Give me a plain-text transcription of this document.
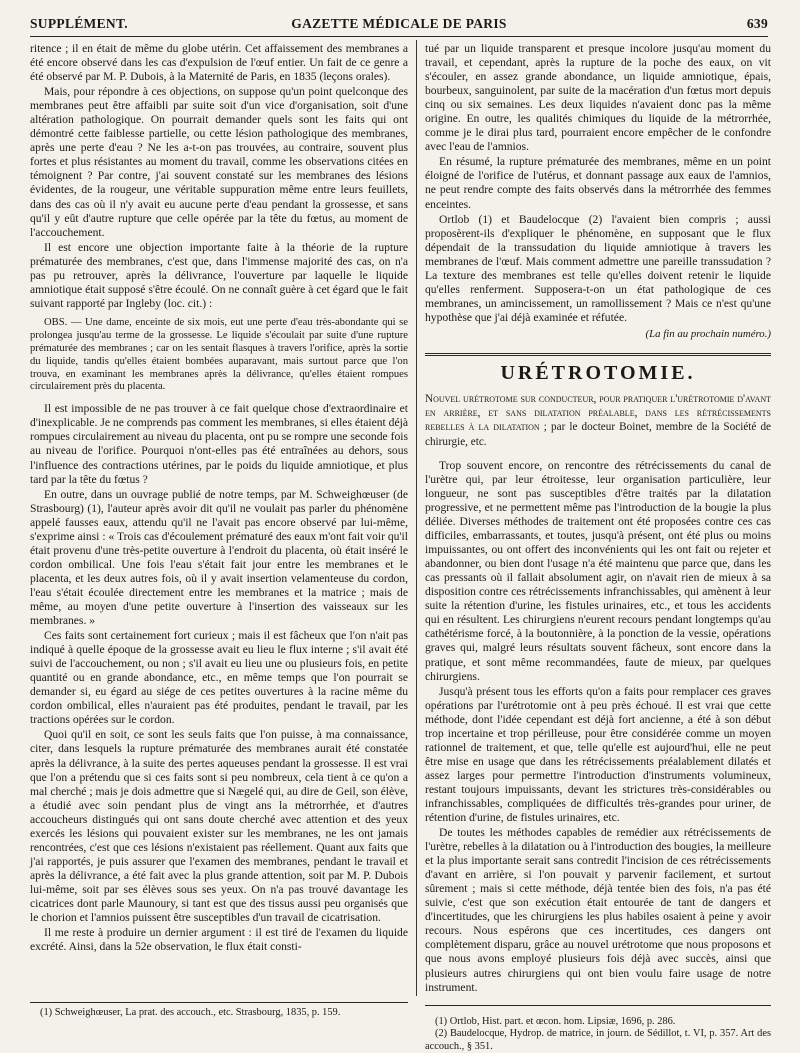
SUPPLÉMENT.	GAZETTE MÉDICALE DE PARIS	639

ritence ; il en était de même du globe utérin. Cet affaissement des membranes a été encore observé dans les cas d'expulsion de l'œuf entier. Un fait de ce genre a été observé par M. P. Dubois, à la Maternité de Paris, en 1835 (leçons orales).

Mais, pour répondre à ces objections, on suppose qu'un point quelconque des membranes peut être affaibli par suite soit d'un vice d'organisation, soit d'une altération pathologique. On pourrait demander quels sont les faits qui ont démontré cette faiblesse partielle, ou cette lésion pathologique des membranes, après une perte d'eau ? Ne les a-t-on pas trouvées, au contraire, souvent plus fortes et plus résistantes au moment du travail, comme les observations citées en témoignent ? Par contre, j'ai souvent constaté sur les membranes des lésions évidentes, de la rougeur, une véritable suppuration même entre leurs feuillets, dans des cas où il n'y avait eu aucune perte d'eau pendant la grossesse, et sans qu'il y eût d'autre rupture que celle opérée par la tête du fœtus, au moment de l'accouchement.

Il est encore une objection importante faite à la théorie de la rupture prématurée des membranes, c'est que, dans l'immense majorité des cas, on n'a pas pu retrouver, après la délivrance, l'ouverture par laquelle le liquide amniotique était supposé s'être écoulé. On ne connaît guère à cet égard que le fait suivant rapporté par Ingleby (loc. cit.) :

OBS. — Une dame, enceinte de six mois, eut une perte d'eau très-abondante qui se prolongea jusqu'au terme de la grossesse. Le liquide s'écoulait par suite d'une rupture prématurée des membranes ; car on les sentait flasques à travers l'orifice, après la sortie du liquide, tandis qu'elles étaient bombées auparavant, mais surtout parce que l'on trouva, en examinant les membranes après la délivrance, qu'elles étaient rompues circulairement près du placenta.

Il est impossible de ne pas trouver à ce fait quelque chose d'extraordinaire et d'inexplicable. Je ne comprends pas comment les membranes, si elles étaient déjà rompues circulairement au niveau du placenta, ont pu se rompre une seconde fois au niveau de l'orifice. Pourquoi n'ont-elles pas été entraînées au dehors, sous l'influence des contractions utérines, par le poids du liquide amniotique, et plus tard par la tête du fœtus ?

En outre, dans un ouvrage publié de notre temps, par M. Schweighœuser (de Strasbourg) (1), l'auteur après avoir dit qu'il ne voulait pas parler du phénomène appelé fausses eaux, attendu qu'il ne l'avait pas encore observé par lui-même, s'exprime ainsi : « Trois cas d'écoulement prématuré des eaux m'ont fait voir qu'il était provenu d'une très-petite ouverture à l'endroit du placenta, où était inséré le cordon ombilical. Une fois l'eau s'était fait jour entre les membranes et le placenta, et les deux autres fois, où il y avait insertion velamenteuse du cordon, l'eau s'était écoulée directement entre les membranes et la matrice ; mais de même, au moyen d'une petite ouverture à l'insertion des vaisseaux sur les membranes. »

Ces faits sont certainement fort curieux ; mais il est fâcheux que l'on n'ait pas indiqué à quelle époque de la grossesse avait eu lieu le flux interne ; s'il avait été suivi de l'accouchement, ou non ; s'il avait eu lieu une ou plusieurs fois, en petite quantité ou en grande abondance, etc., en même temps que l'on pourrait se demander si, eu égard au siége de ces petites ouvertures à la racine même du cordon ombilical, elles n'auraient pas été produites, pendant le travail, par les tractions opérées sur le cordon.

Quoi qu'il en soit, ce sont les seuls faits que l'on puisse, à ma connaissance, citer, dans lesquels la rupture prématurée des membranes aurait été constatée après la délivrance, à la suite des pertes aqueuses pendant la grossesse. Il est vrai que l'on a prétendu que si ces faits sont si peu nombreux, cela tient à ce qu'on a mal cherché ; mais je dois admettre que si Nægelé qui, au dire de Geil, son élève, a étudié avec soin pendant plus de vingt ans la métrorrhée, et d'autres accoucheurs distingués qui ont sans doute cherché avec attention et des yeux exercés les lésions qui pouvaient exister sur les membranes, ne les ont jamais rencontrées, c'est que ces lésions n'existaient pas réellement. Quant aux faits que j'ai rapportés, je puis assurer que l'examen des membranes, pendant le travail et après la délivrance, a été fait avec la plus grande attention, soit par M. P. Dubois lui-même, soit par ses élèves sous ses yeux. On n'a pas trouvé davantage les cicatrices dont parle Maunoury, si tant est que des tissus aussi peu organisés que le chorion et l'amnios puissent être susceptibles d'un travail de cicatrisation.

Il me reste à produire un dernier argument : il est tiré de l'examen du liquide excrété. Ainsi, dans la 52e observation, le flux était consti-

(1) Schweighœuser, La prat. des accouch., etc. Strasbourg, 1835, p. 159.

tué par un liquide transparent et presque incolore jusqu'au moment du travail, et cependant, après la rupture de la poche des eaux, on vit s'écouler, en assez grande abondance, un liquide amniotique, épais, bourbeux, sanguinolent, par suite de la macération d'un fœtus mort depuis cinq ou six semaines. Les deux liquides n'avaient donc pas la même origine. En outre, les qualités chimiques du liquide de la métrorrhée, comme je le dirai plus tard, pourraient encore empêcher de le confondre avec l'eau de l'amnios.

En résumé, la rupture prématurée des membranes, même en un point éloigné de l'orifice de l'utérus, et donnant passage aux eaux de l'amnios, ne peut rendre compte des faits observés dans la métrorrhée des femmes enceintes.

Ortlob (1) et Baudelocque (2) l'avaient bien compris ; aussi proposèrent-ils d'expliquer le phénomène, en supposant que le flux dépendait de la transsudation du liquide amniotique à travers les membranes de l'œuf. Mais comment admettre une pareille transsudation ? La texture des membranes est telle qu'elles doivent retenir le liquide qu'elles renferment. Supposera-t-on un état pathologique de ces membranes, un amincissement, un ramollissement ? Mais ce n'est qu'une hypothèse que j'ai déjà examinée et réfutée.

(La fin au prochain numéro.)

URÉTROTOMIE.

Nouvel urétrotome sur conducteur, pour pratiquer l'urétrotomie d'avant en arrière, et sans dilatation préalable, dans les rétrécissements rebelles à la dilatation ; par le docteur Boinet, membre de la Société de chirurgie, etc.

Trop souvent encore, on rencontre des rétrécissements du canal de l'urètre qui, par leur étroitesse, leur organisation particulière, leur longueur, ne sont pas susceptibles d'être traités par la dilatation progressive, et ne permettent même pas l'introduction de la bougie la plus déliée. Diverses méthodes de traitement ont été proposées contre ces cas difficiles, embarrassants, et toutes, jusqu'à présent, ont été plus ou moins impuissantes, ou ont offert des inconvénients qui les ont fait ou rejeter et abandonner, ou bien dont l'usage n'a été maintenu que parce que, dans les cas pressants où il fallait absolument agir, on n'avait rien de mieux à sa disposition contre ces rétrécissements infranchissables, qui amènent à leur suite la rétention d'urine, les fistules urinaires, etc., et tous les accidents qui en résultent. Les chirurgiens n'eurent recours pendant longtemps qu'au cathétérisme forcé, à la boutonnière, à la ponction de la vessie, opérations graves qui, malgré leurs résultats souvent fâcheux, sont encore dans la pratique, et sont même recommandées, faute de mieux, par quelques chirurgiens.

Jusqu'à présent tous les efforts qu'on a faits pour remplacer ces graves opérations par l'urétrotomie ont à peu près échoué. Il est vrai que cette méthode, dont l'idée cependant est déjà fort ancienne, a été à son début trop incertaine et trop périlleuse, pour être considérée comme un moyen rationnel de traitement, et que, telle qu'elle est aujourd'hui, elle ne peut être mise en usage que dans les rétrécissements préalablement dilatés et assez larges pour permettre l'introduction d'instruments volumineux, restant toujours impuissants, devant les strictures très-considérables ou infranchissables, compliquées de difficultés très-grandes pour uriner, de rétention d'urine, de fistules urinaires, etc.

De toutes les méthodes capables de remédier aux rétrécissements de l'urètre, rebelles à la dilatation ou à l'introduction des bougies, la meilleure et la plus importante serait sans contredit l'incision de ces rétrécissements d'avant en arrière, si l'on pouvait y parvenir facilement, et surtout sûrement ; mais si cette méthode, déjà tentée bien des fois, n'a pas été suivie, c'est que son exécution était entourée de tant de dangers et d'incertitudes, que les chirurgiens les plus habiles osaient à peine y avoir recours. Nous espérons que ces incertitudes, ces dangers ont complètement disparu, grâce au nouvel urétrotome que nous proposons et que nous avons employé plusieurs fois déjà avec succès, ainsi que plusieurs autres chirurgiens qui ont bien voulu faire usage de notre instrument.

(1) Ortlob, Hist. part. et œcon. hom. Lipsiæ, 1696, p. 286.

(2) Baudelocque, Hydrop. de matrice, in journ. de Sédillot, t. VI, p. 357. Art des accouch., § 351.
